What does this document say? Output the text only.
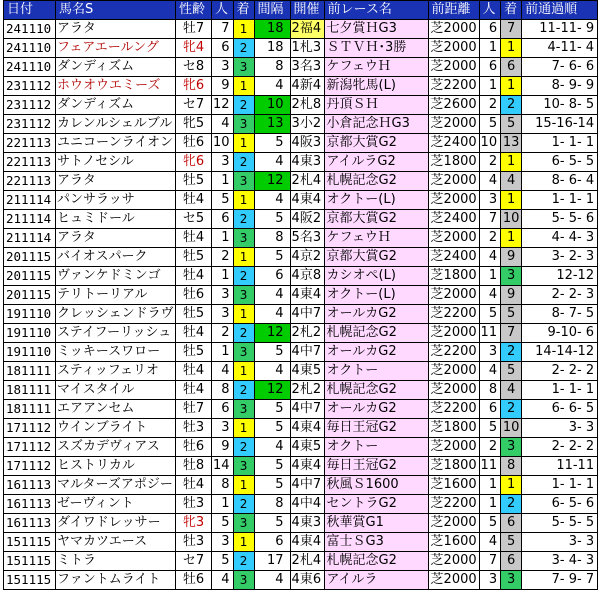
日付	馬名S	性齢	人	着	間隔	開催	前レース名	前距離	人	着	前通過順
241110	アラタ	牡7	7	1	18	2福4	七夕賞ＨG3	芝2000	6	7	11-11- 9
241110	フェアエールング	牝4	6	2	18	1札3	ＳＴＶＨ･3勝	芝2000	1	1	4-11- 4
241110	ダンディズム	セ8	3	3	8	3名3	ケフェウＨ	芝2000	6	6	7- 6- 6
231112	ホウオウエミーズ	牝6	9	1	4	4新4	新潟牝馬(L)	芝2200	1	1	8- 9- 9
231112	ダンディズム	セ7	12	2	10	2札8	丹頂ＳＨ	芝2600	2	2	10- 8- 5
231112	カレンルシェルブル	牝5	4	3	13	3小2	小倉記念ＨG3	芝2000	5	5	15-16-14
221113	ユニコーンライオン	牡6	10	1	5	4阪3	京都大賞G2	芝2400	10	13	1- 1- 1
221113	サトノセシル	牝6	3	2	4	4東3	アイルラG2	芝1800	2	1	6- 5- 5
221113	アラタ	牡5	1	3	12	2札4	札幌記念G2	芝2000	4	4	8- 6- 4
211114	パンサラッサ	牡4	5	1	4	4東4	オクトー(L)	芝2000	3	1	1- 1- 1
211114	ヒュミドール	セ5	6	2	5	4阪2	京都大賞G2	芝2400	7	10	5- 5- 6
211114	アラタ	牡4	1	3	8	5名3	ケフェウＨ	芝2000	2	1	4- 4- 3
201115	バイオスパーク	牡5	2	1	5	4京2	京都大賞G2	芝2400	4	9	3- 2- 3
201115	ヴァンケドミンゴ	牡4	1	2	6	4京8	カシオペ(L)	芝1800	1	3	12-12
201115	テリトーリアル	牡6	3	3	4	4東4	オクトー(L)	芝2000	4	9	2- 2- 3
191110	クレッシェンドラヴ	牡5	3	1	4	4中7	オールカG2	芝2200	5	5	8- 7- 5
191110	ステイフーリッシュ	牡4	2	2	12	2札2	札幌記念G2	芝2000	11	7	9-10- 6
191110	ミッキースワロー	牡5	1	3	5	4中7	オールカG2	芝2200	3	2	14-14-12
181111	スティッフェリオ	牡4	4	1	4	4東5	オクトー	芝2000	4	5	2- 2- 2
181111	マイスタイル	牡4	8	2	12	2札2	札幌記念G2	芝2000	8	4	1- 1- 1
181111	エアアンセム	牡7	6	3	5	4中7	オールカG2	芝2200	6	2	6- 6- 5
171112	ウインブライト	牡3	3	1	5	4東4	毎日王冠G2	芝1800	5	10	3- 3
171112	スズカデヴィアス	牡6	9	2	4	4東5	オクトー	芝2000	2	3	2- 2- 2
171112	ヒストリカル	牡8	14	3	5	4東4	毎日王冠G2	芝1800	11	8	11-11
161113	マルターズアポジー	牡4	8	1	5	4中7	秋風Ｓ1600	芝1600	1	1	1- 1- 1
161113	ゼーヴィント	牡3	1	2	8	4中4	セントラG2	芝2200	1	2	6- 5- 6
161113	ダイワドレッサー	牝3	5	3	5	4東3	秋華賞G1	芝2000	5	6	5- 5- 5
151115	ヤマカツエース	牡3	3	1	6	4東4	富士ＳG3	芝1600	4	5	3- 3
151115	ミトラ	セ7	5	2	17	2札4	札幌記念G2	芝2000	7	6	3- 4- 3
151115	ファントムライト	牡6	4	3	4	4東6	アイルラ	芝2000	3	3	7- 9- 7
